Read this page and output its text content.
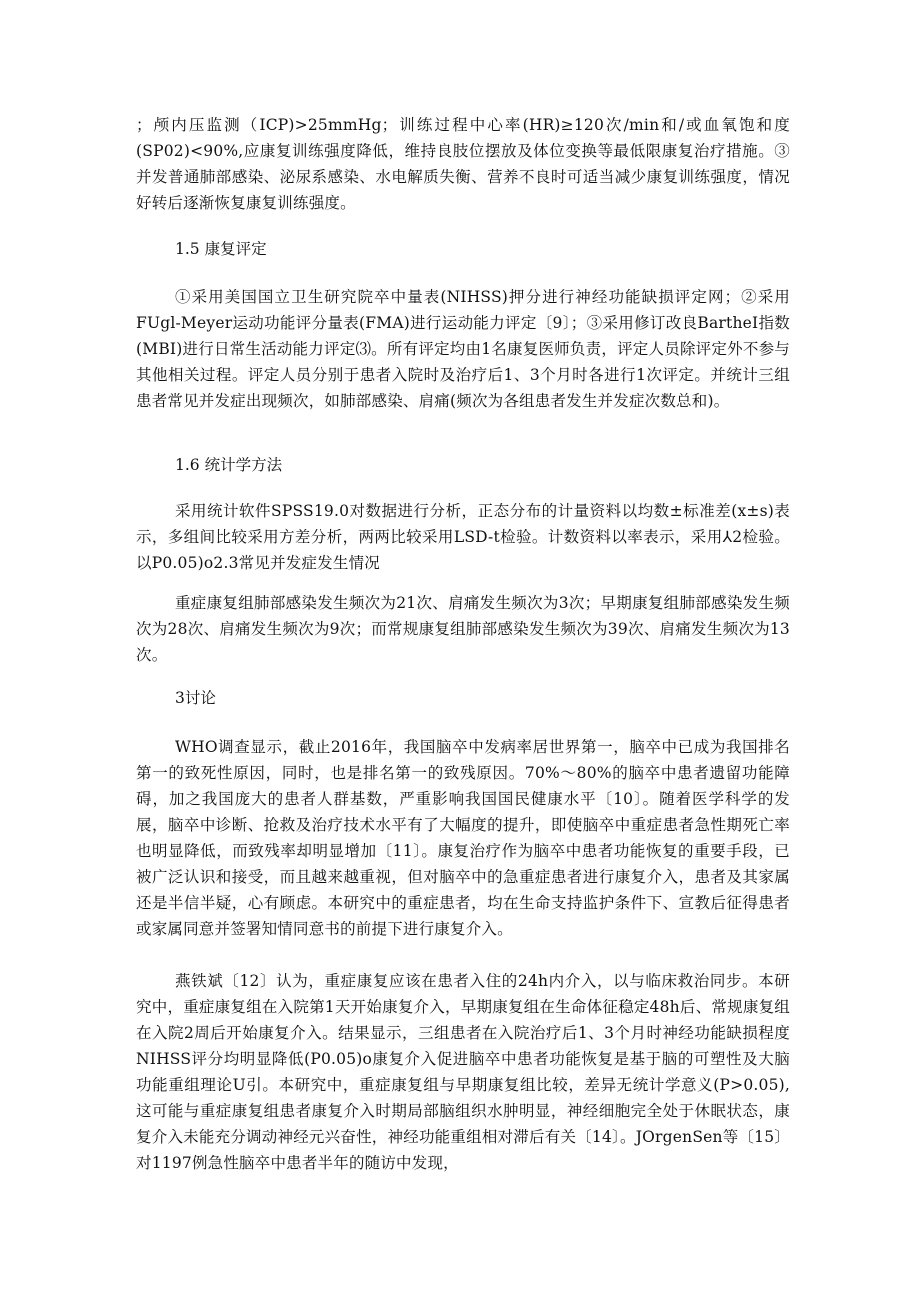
；颅内压监测（ICP)>25mmHg；训练过程中心率(HR)≥120次/min和/或血氧饱和度(SP02)<90%,应康复训练强度降低，维持良肢位摆放及体位变换等最低限康复治疗措施。③并发普通肺部感染、泌尿系感染、水电解质失衡、营养不良时可适当减少康复训练强度，情况好转后逐渐恢复康复训练强度。

1.5 康复评定

①采用美国国立卫生研究院卒中量表(NIHSS)押分进行神经功能缺损评定网；②采用FUgl-Meyer运动功能评分量表(FMA)进行运动能力评定〔9〕；③采用修订改良BartheI指数(MBI)进行日常生活动能力评定⑶。所有评定均由1名康复医师负责，评定人员除评定外不参与其他相关过程。评定人员分别于患者入院时及治疗后1、3个月时各进行1次评定。并统计三组患者常见并发症出现频次，如肺部感染、肩痛(频次为各组患者发生并发症次数总和)。

1.6 统计学方法

采用统计软件SPSS19.0对数据进行分析，正态分布的计量资料以均数±标准差(x±s)表示，多组间比较采用方差分析，两两比较采用LSD-t检验。计数资料以率表示，采用⅄2检验。以P0.05)o2.3常见并发症发生情况

重症康复组肺部感染发生频次为21次、肩痛发生频次为3次；早期康复组肺部感染发生频次为28次、肩痛发生频次为9次；而常规康复组肺部感染发生频次为39次、肩痛发生频次为13次。

3讨论

WHO调查显示，截止2016年，我国脑卒中发病率居世界第一，脑卒中已成为我国排名第一的致死性原因，同时，也是排名第一的致残原因。70%～80%的脑卒中患者遗留功能障碍，加之我国庞大的患者人群基数，严重影响我国国民健康水平〔10〕。随着医学科学的发展，脑卒中诊断、抢救及治疗技术水平有了大幅度的提升，即使脑卒中重症患者急性期死亡率也明显降低，而致残率却明显增加〔11〕。康复治疗作为脑卒中患者功能恢复的重要手段，已被广泛认识和接受，而且越来越重视，但对脑卒中的急重症患者进行康复介入，患者及其家属还是半信半疑，心有顾虑。本研究中的重症患者，均在生命支持监护条件下、宣教后征得患者或家属同意并签署知情同意书的前提下进行康复介入。

燕铁斌〔12〕认为，重症康复应该在患者入住的24h内介入，以与临床救治同步。本研究中，重症康复组在入院第1天开始康复介入，早期康复组在生命体征稳定48h后、常规康复组在入院2周后开始康复介入。结果显示，三组患者在入院治疗后1、3个月时神经功能缺损程度NIHSS评分均明显降低(P0.05)o康复介入促进脑卒中患者功能恢复是基于脑的可塑性及大脑功能重组理论U引。本研究中，重症康复组与早期康复组比较，差异无统计学意义(P>0.05),这可能与重症康复组患者康复介入时期局部脑组织水肿明显，神经细胞完全处于休眠状态，康复介入未能充分调动神经元兴奋性，神经功能重组相对滞后有关〔14〕。JOrgenSen等〔15〕对1197例急性脑卒中患者半年的随访中发现，
